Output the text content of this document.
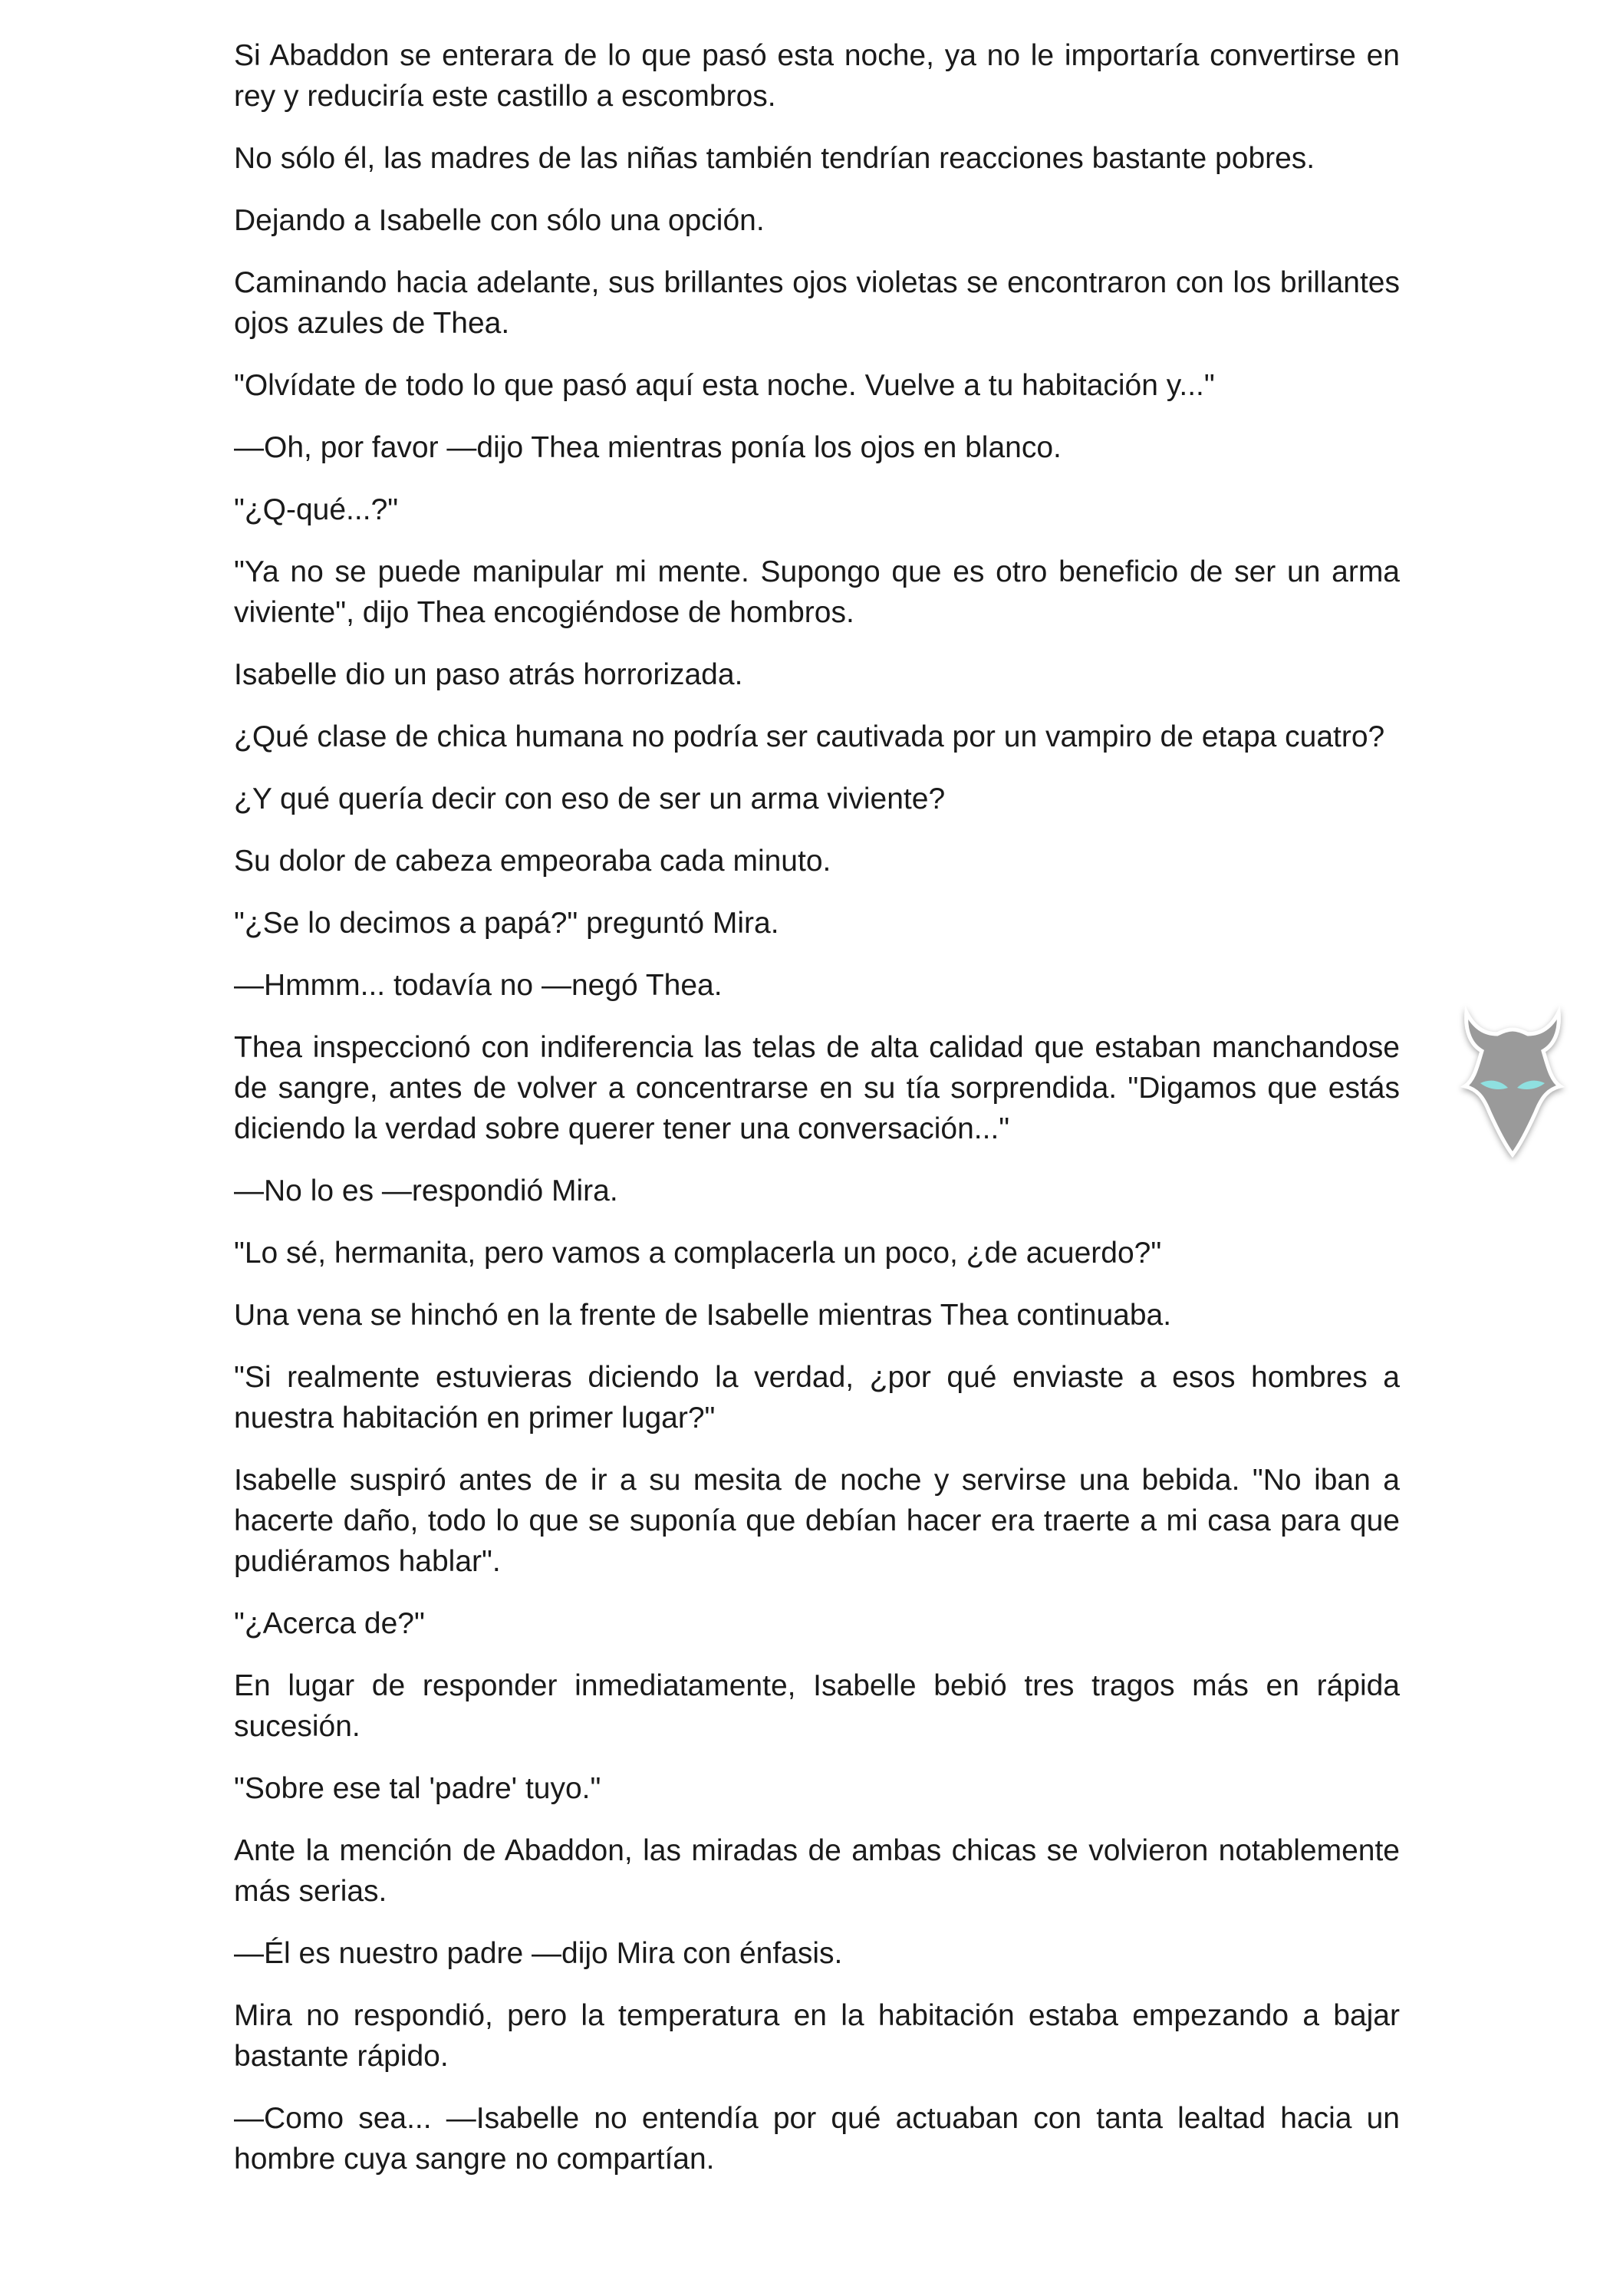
Si Abaddon se enterara de lo que pasó esta noche, ya no le importaría convertirse en rey y reduciría este castillo a escombros.

No sólo él, las madres de las niñas también tendrían reacciones bastante pobres.

Dejando a Isabelle con sólo una opción.

Caminando hacia adelante, sus brillantes ojos violetas se encontraron con los brillantes ojos azules de Thea.

"Olvídate de todo lo que pasó aquí esta noche. Vuelve a tu habitación y..."

—Oh, por favor —dijo Thea mientras ponía los ojos en blanco.

"¿Q-qué...?"

"Ya no se puede manipular mi mente. Supongo que es otro beneficio de ser un arma viviente", dijo Thea encogiéndose de hombros.

Isabelle dio un paso atrás horrorizada.

¿Qué clase de chica humana no podría ser cautivada por un vampiro de etapa cuatro?

¿Y qué quería decir con eso de ser un arma viviente?

Su dolor de cabeza empeoraba cada minuto.

"¿Se lo decimos a papá?" preguntó Mira.

—Hmmm... todavía no —negó Thea.

Thea inspeccionó con indiferencia las telas de alta calidad que estaban manchandose de sangre, antes de volver a concentrarse en su tía sorprendida. "Digamos que estás diciendo la verdad sobre querer tener una conversación..."

—No lo es —respondió Mira.

"Lo sé, hermanita, pero vamos a complacerla un poco, ¿de acuerdo?"

Una vena se hinchó en la frente de Isabelle mientras Thea continuaba.

"Si realmente estuvieras diciendo la verdad, ¿por qué enviaste a esos hombres a nuestra habitación en primer lugar?"

Isabelle suspiró antes de ir a su mesita de noche y servirse una bebida. "No iban a hacerte daño, todo lo que se suponía que debían hacer era traerte a mi casa para que pudiéramos hablar".

"¿Acerca de?"

En lugar de responder inmediatamente, Isabelle bebió tres tragos más en rápida sucesión.

"Sobre ese tal 'padre' tuyo."

Ante la mención de Abaddon, las miradas de ambas chicas se volvieron notablemente más serias.

—Él es nuestro padre —dijo Mira con énfasis.

Mira no respondió, pero la temperatura en la habitación estaba empezando a bajar bastante rápido.

—Como sea... —Isabelle no entendía por qué actuaban con tanta lealtad hacia un hombre cuya sangre no compartían.
